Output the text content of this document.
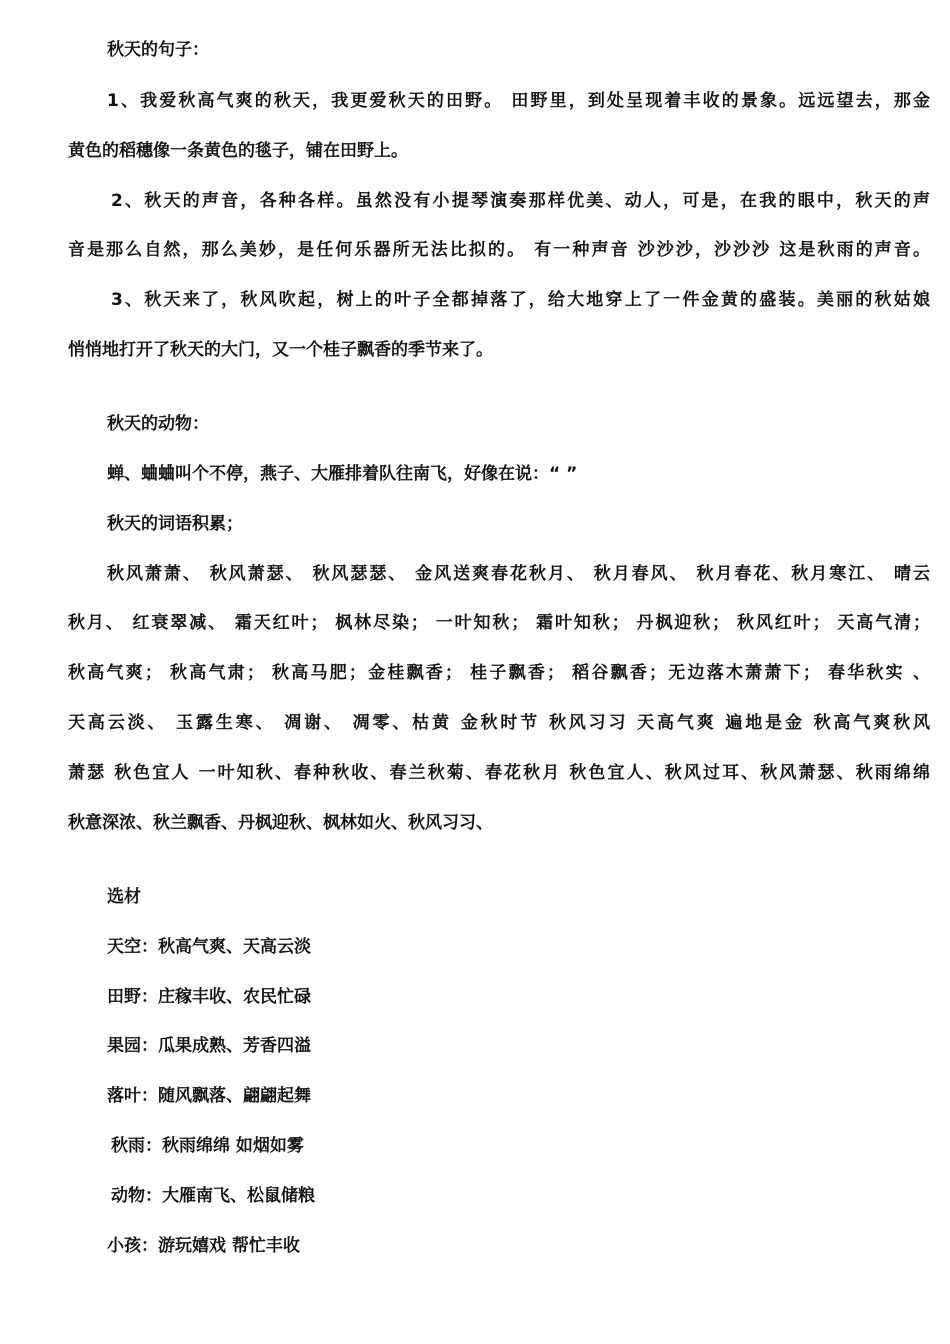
秋天的句子：
1、我爱秋高气爽的秋天，我更爱秋天的田野。 田野里，到处呈现着丰收的景象。远远望去，那金
黄色的稻穗像一条黄色的毯子，铺在田野上。
2、秋天的声音，各种各样。虽然没有小提琴演奏那样优美、动人，可是，在我的眼中，秋天的声
音是那么自然，那么美妙，是任何乐器所无法比拟的。 有一种声音 沙沙沙，沙沙沙 这是秋雨的声音。
3、秋天来了，秋风吹起，树上的叶子全都掉落了，给大地穿上了一件金黄的盛装。美丽的秋姑娘
悄悄地打开了秋天的大门，又一个桂子飘香的季节来了。
秋天的动物：
蝉、蛐蛐叫个不停，燕子、大雁排着队往南飞，好像在说：“ ”
秋天的词语积累；
秋风萧萧、 秋风萧瑟、 秋风瑟瑟、 金风送爽春花秋月、 秋月春风、 秋月春花、秋月寒江、 晴云
秋月、 红衰翠减、 霜天红叶； 枫林尽染； 一叶知秋； 霜叶知秋； 丹枫迎秋； 秋风红叶； 天高气清；
秋高气爽； 秋高气肃； 秋高马肥；金桂飘香； 桂子飘香； 稻谷飘香；无边落木萧萧下； 春华秋实 、
天高云淡、 玉露生寒、 凋谢、 凋零、枯黄 金秋时节 秋风习习 天高气爽 遍地是金 秋高气爽秋风
萧瑟 秋色宜人 一叶知秋、春种秋收、春兰秋菊、春花秋月 秋色宜人、秋风过耳、秋风萧瑟、秋雨绵绵
秋意深浓、秋兰飘香、丹枫迎秋、枫林如火、秋风习习、
选材
天空：秋高气爽、天高云淡
田野：庄稼丰收、农民忙碌
果园：瓜果成熟、芳香四溢
落叶：随风飘落、翩翩起舞
秋雨：秋雨绵绵 如烟如雾
动物：大雁南飞、松鼠储粮
小孩：游玩嬉戏 帮忙丰收
